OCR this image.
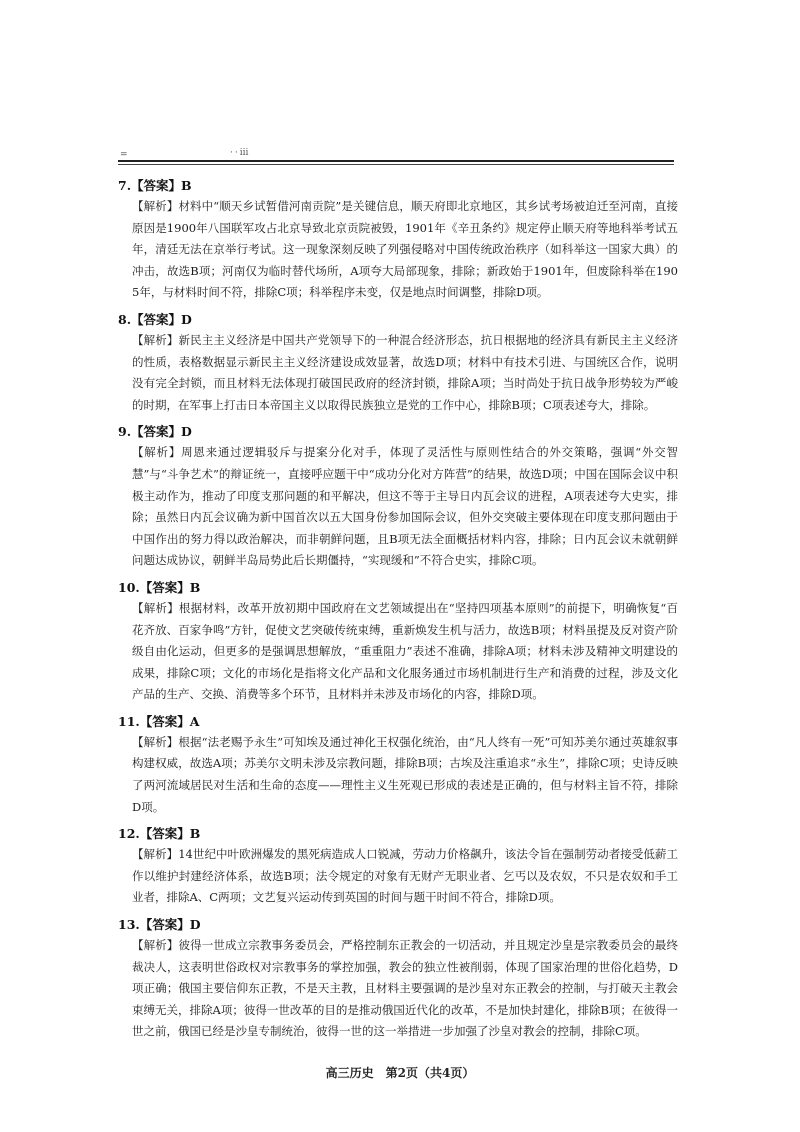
=	··ⅲ
7.【答案】B
【解析】材料中“顺天乡试暂借河南贡院”是关键信息，顺天府即北京地区，其乡试考场被迫迁至河南，直接原因是1900年八国联军攻占北京导致北京贡院被毁，1901年《辛丑条约》规定停止顺天府等地科举考试五年，清廷无法在京举行考试。这一现象深刻反映了列强侵略对中国传统政治秩序（如科举这一国家大典）的冲击，故选B项；河南仅为临时替代场所，A项夸大局部现象，排除；新政始于1901年，但废除科举在1905年，与材料时间不符，排除C项；科举程序未变，仅是地点时间调整，排除D项。
8.【答案】D
【解析】新民主主义经济是中国共产党领导下的一种混合经济形态，抗日根据地的经济具有新民主主义经济的性质，表格数据显示新民主主义经济建设成效显著，故选D项；材料中有技术引进、与国统区合作，说明没有完全封锁，而且材料无法体现打破国民政府的经济封锁，排除A项；当时尚处于抗日战争形势较为严峻的时期，在军事上打击日本帝国主义以取得民族独立是党的工作中心，排除B项；C项表述夸大，排除。
9.【答案】D
【解析】周恩来通过逻辑驳斥与提案分化对手，体现了灵活性与原则性结合的外交策略，强调“外交智慧”与“斗争艺术”的辩证统一，直接呼应题干中“成功分化对方阵营”的结果，故选D项；中国在国际会议中积极主动作为，推动了印度支那问题的和平解决，但这不等于主导日内瓦会议的进程，A项表述夸大史实，排除；虽然日内瓦会议确为新中国首次以五大国身份参加国际会议，但外交突破主要体现在印度支那问题由于中国作出的努力得以政治解决，而非朝鲜问题，且B项无法全面概括材料内容，排除；日内瓦会议未就朝鲜问题达成协议，朝鲜半岛局势此后长期僵持，“实现缓和”不符合史实，排除C项。
10.【答案】B
【解析】根据材料，改革开放初期中国政府在文艺领域提出在“坚持四项基本原则”的前提下，明确恢复“百花齐放、百家争鸣”方针，促使文艺突破传统束缚，重新焕发生机与活力，故选B项；材料虽提及反对资产阶级自由化运动，但更多的是强调思想解放，“重重阻力”表述不准确，排除A项；材料未涉及精神文明建设的成果，排除C项；文化的市场化是指将文化产品和文化服务通过市场机制进行生产和消费的过程，涉及文化产品的生产、交换、消费等多个环节，且材料并未涉及市场化的内容，排除D项。
11.【答案】A
【解析】根据“法老赐予永生”可知埃及通过神化王权强化统治，由“凡人终有一死”可知苏美尔通过英雄叙事构建权威，故选A项；苏美尔文明未涉及宗教问题，排除B项；古埃及注重追求“永生”，排除C项；史诗反映了两河流域居民对生活和生命的态度——理性主义生死观已形成的表述是正确的，但与材料主旨不符，排除D项。
12.【答案】B
【解析】14世纪中叶欧洲爆发的黑死病造成人口锐减，劳动力价格飙升，该法令旨在强制劳动者接受低薪工作以维护封建经济体系，故选B项；法令规定的对象有无财产无职业者、乞丐以及农奴，不只是农奴和手工业者，排除A、C两项；文艺复兴运动传到英国的时间与题干时间不符合，排除D项。
13.【答案】D
【解析】彼得一世成立宗教事务委员会，严格控制东正教会的一切活动，并且规定沙皇是宗教委员会的最终裁决人，这表明世俗政权对宗教事务的掌控加强，教会的独立性被削弱，体现了国家治理的世俗化趋势，D项正确；俄国主要信仰东正教，不是天主教，且材料主要强调的是沙皇对东正教会的控制，与打破天主教会束缚无关，排除A项；彼得一世改革的目的是推动俄国近代化的改革，不是加快封建化，排除B项；在彼得一世之前，俄国已经是沙皇专制统治，彼得一世的这一举措进一步加强了沙皇对教会的控制，排除C项。
高三历史　第2页（共4页）
